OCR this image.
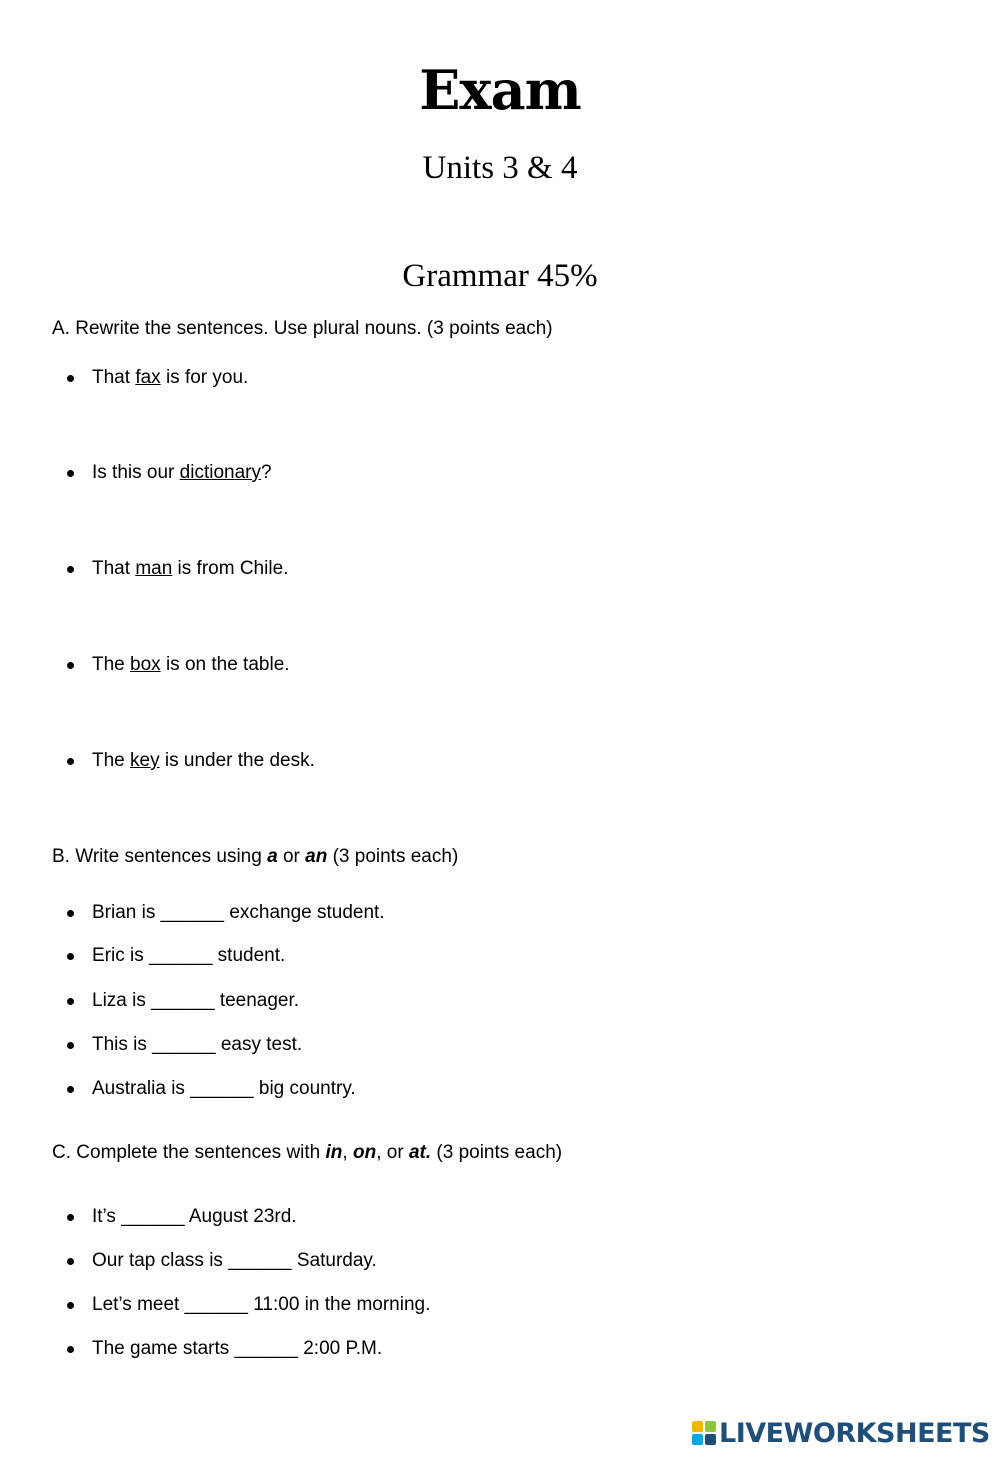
Exam
Units 3 & 4
Grammar 45%
A. Rewrite the sentences. Use plural nouns. (3 points each)
That fax is for you.
Is this our dictionary?
That man is from Chile.
The box is on the table.
The key is under the desk.
B. Write sentences using a or an (3 points each)
Brian is ______ exchange student.
Eric is ______ student.
Liza is ______ teenager.
This is ______ easy test.
Australia is ______ big country.
C. Complete the sentences with in, on, or at. (3 points each)
It’s ______ August 23rd.
Our tap class is ______ Saturday.
Let’s meet ______ 11:00 in the morning.
The game starts ______ 2:00 P.M.
LIVEWORKSHEETS
